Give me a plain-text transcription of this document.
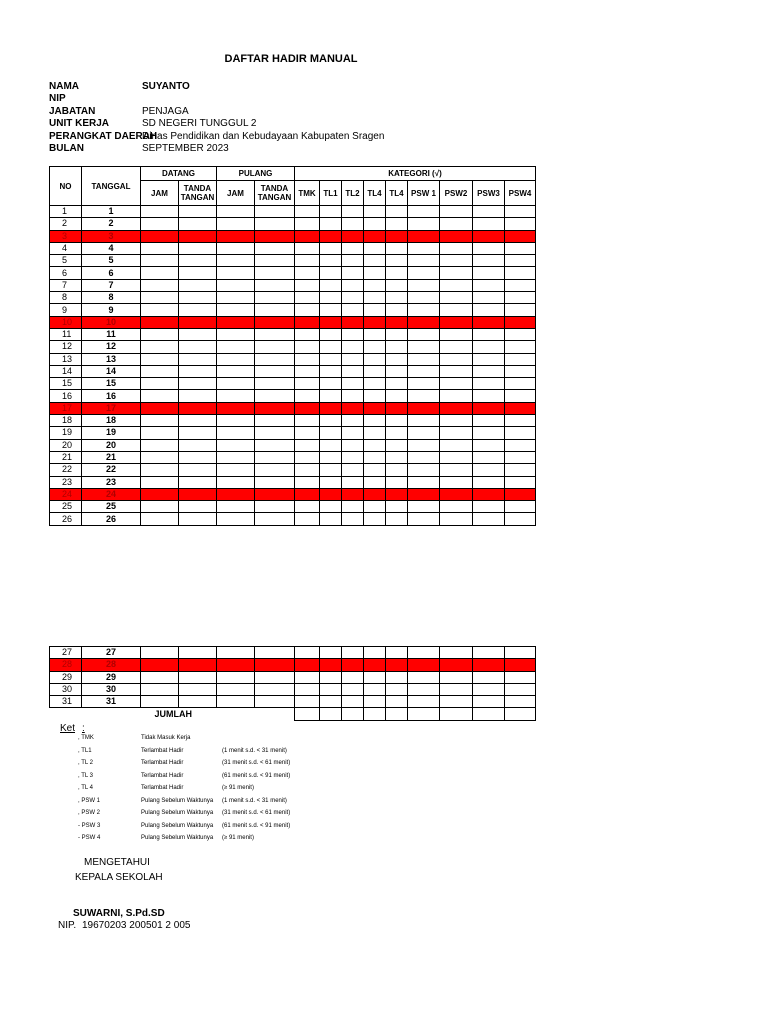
DAFTAR HADIR MANUAL
NAMA	SUYANTO
NIP
JABATAN	PENJAGA
UNIT KERJA	SD NEGERI TUNGGUL 2
PERANGKAT DAERAH
Dinas Pendidikan dan Kebudayaan Kabupaten Sragen
BULAN	SEPTEMBER 2023
NO	TANGGAL	DATANG		PULANG		KATEGORI (√)								
		JAM	TANDA TANGAN	JAM	TANDA TANGAN	TMK	TL1	TL2	TL4	TL4	PSW 1	PSW2	PSW3	PSW4
1	1													
2	2													
3	3													
4	4													
5	5													
6	6													
7	7													
8	8													
9	9													
10	10													
11	11													
12	12													
13	13													
14	14													
15	15													
16	16													
17	17													
18	18													
19	19													
20	20													
21	21													
22	22													
23	23													
24	24													
25	25													
26	26													
27	27													
28	28													
29	29													
30	30													
31	31													
		JUMLAH												
Ket :
, TMK	Tidak Masuk Kerja
, TL1	Terlambat Hadir	(1 menit s.d. < 31 menit)
, TL 2	Terlambat Hadir	(31 menit s.d. < 61 menit)
, TL 3	Terlambat Hadir	(61 menit s.d. < 91 menit)
, TL 4	Terlambat Hadir	(≥ 91 menit)
, PSW 1	Pulang Sebelum Waktunya (1 menit s.d. < 31 menit)
, PSW 2	Pulang Sebelum Waktunya (31 menit s.d. < 61 menit)
- PSW 3	Pulang Sebelum Waktunya (61 menit s.d. < 91 menit)
- PSW 4	Pulang Sebelum Waktunya (≥ 91 menit)
MENGETAHUI
KEPALA SEKOLAH
SUWARNI, S.Pd.SD
NIP. 19670203 200501 2 005
